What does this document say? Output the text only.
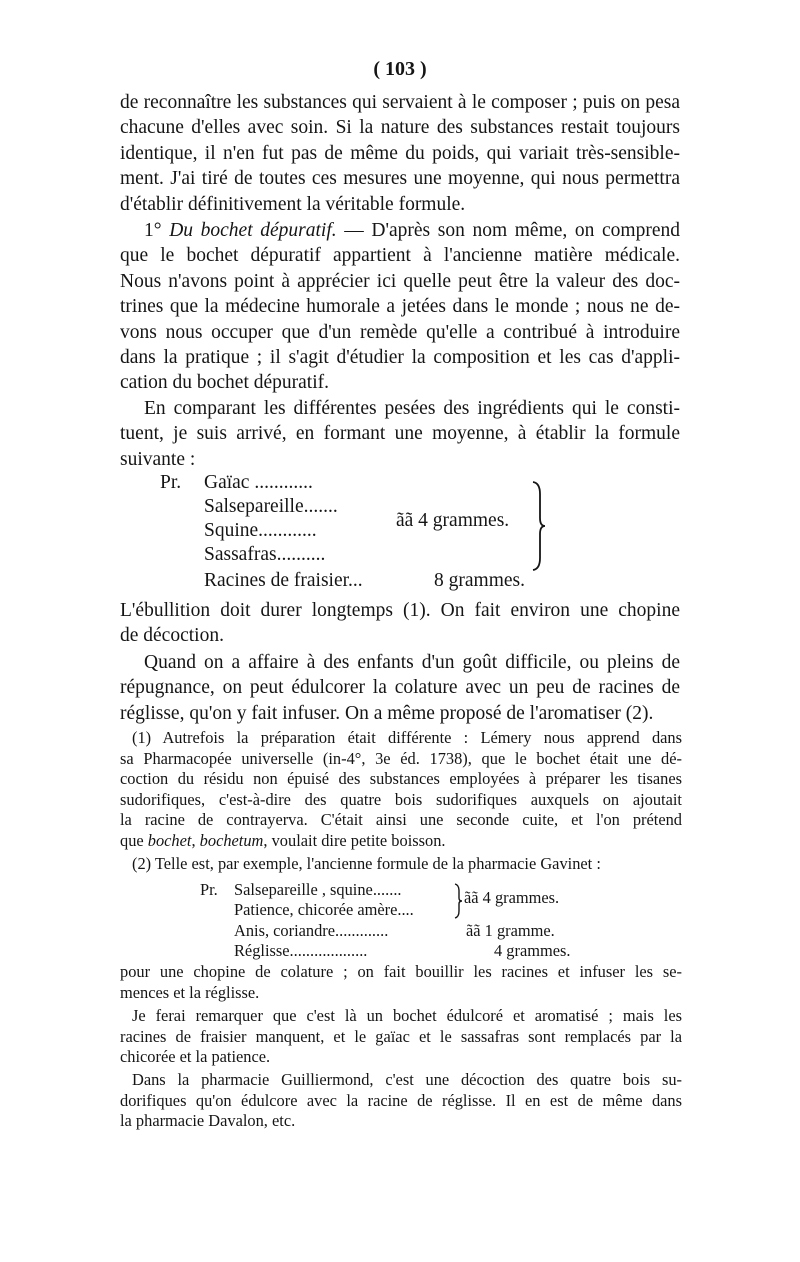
( 103 )
de reconnaître les substances qui servaient à le composer ; puis on pesa
chacune d'elles avec soin. Si la nature des substances restait toujours
identique, il n'en fut pas de même du poids, qui variait très-sensible-
ment. J'ai tiré de toutes ces mesures une moyenne, qui nous permettra
d'établir définitivement la véritable formule.
1° Du bochet dépuratif. — D'après son nom même, on comprend
que le bochet dépuratif appartient à l'ancienne matière médicale.
Nous n'avons point à apprécier ici quelle peut être la valeur des doc-
trines que la médecine humorale a jetées dans le monde ; nous ne de-
vons nous occuper que d'un remède qu'elle a contribué à introduire
dans la pratique ; il s'agit d'étudier la composition et les cas d'appli-
cation du bochet dépuratif.
En comparant les différentes pesées des ingrédients qui le consti-
tuent, je suis arrivé, en formant une moyenne, à établir la formule
suivante :
Pr. Gaïac ............
Salsepareille.......
Squine............
Sassafras..........
ãã 4 grammes.
Racines de fraisier...	8 grammes.
L'ébullition doit durer longtemps (1). On fait environ une chopine
de décoction.
Quand on a affaire à des enfants d'un goût difficile, ou pleins de
répugnance, on peut édulcorer la colature avec un peu de racines de
réglisse, qu'on y fait infuser. On a même proposé de l'aromatiser (2).
(1) Autrefois la préparation était différente : Lémery nous apprend dans
sa Pharmacopée universelle (in-4°, 3e éd. 1738), que le bochet était une dé-
coction du résidu non épuisé des substances employées à préparer les tisanes
sudorifiques, c'est-à-dire des quatre bois sudorifiques auxquels on ajoutait
la racine de contrayerva. C'était ainsi une seconde cuite, et l'on prétend
que bochet, bochetum, voulait dire petite boisson.
(2) Telle est, par exemple, l'ancienne formule de la pharmacie Gavinet :
Pr. Salsepareille , squine.......
Patience, chicorée amère....
ãã 4 grammes.
Anis, coriandre.............	ãã 1 gramme.
Réglisse...................	4 grammes.
pour une chopine de colature ; on fait bouillir les racines et infuser les se-
mences et la réglisse.
Je ferai remarquer que c'est là un bochet édulcoré et aromatisé ; mais les
racines de fraisier manquent, et le gaïac et le sassafras sont remplacés par la
chicorée et la patience.
Dans la pharmacie Guilliermond, c'est une décoction des quatre bois su-
dorifiques qu'on édulcore avec la racine de réglisse. Il en est de même dans
la pharmacie Davalon, etc.
